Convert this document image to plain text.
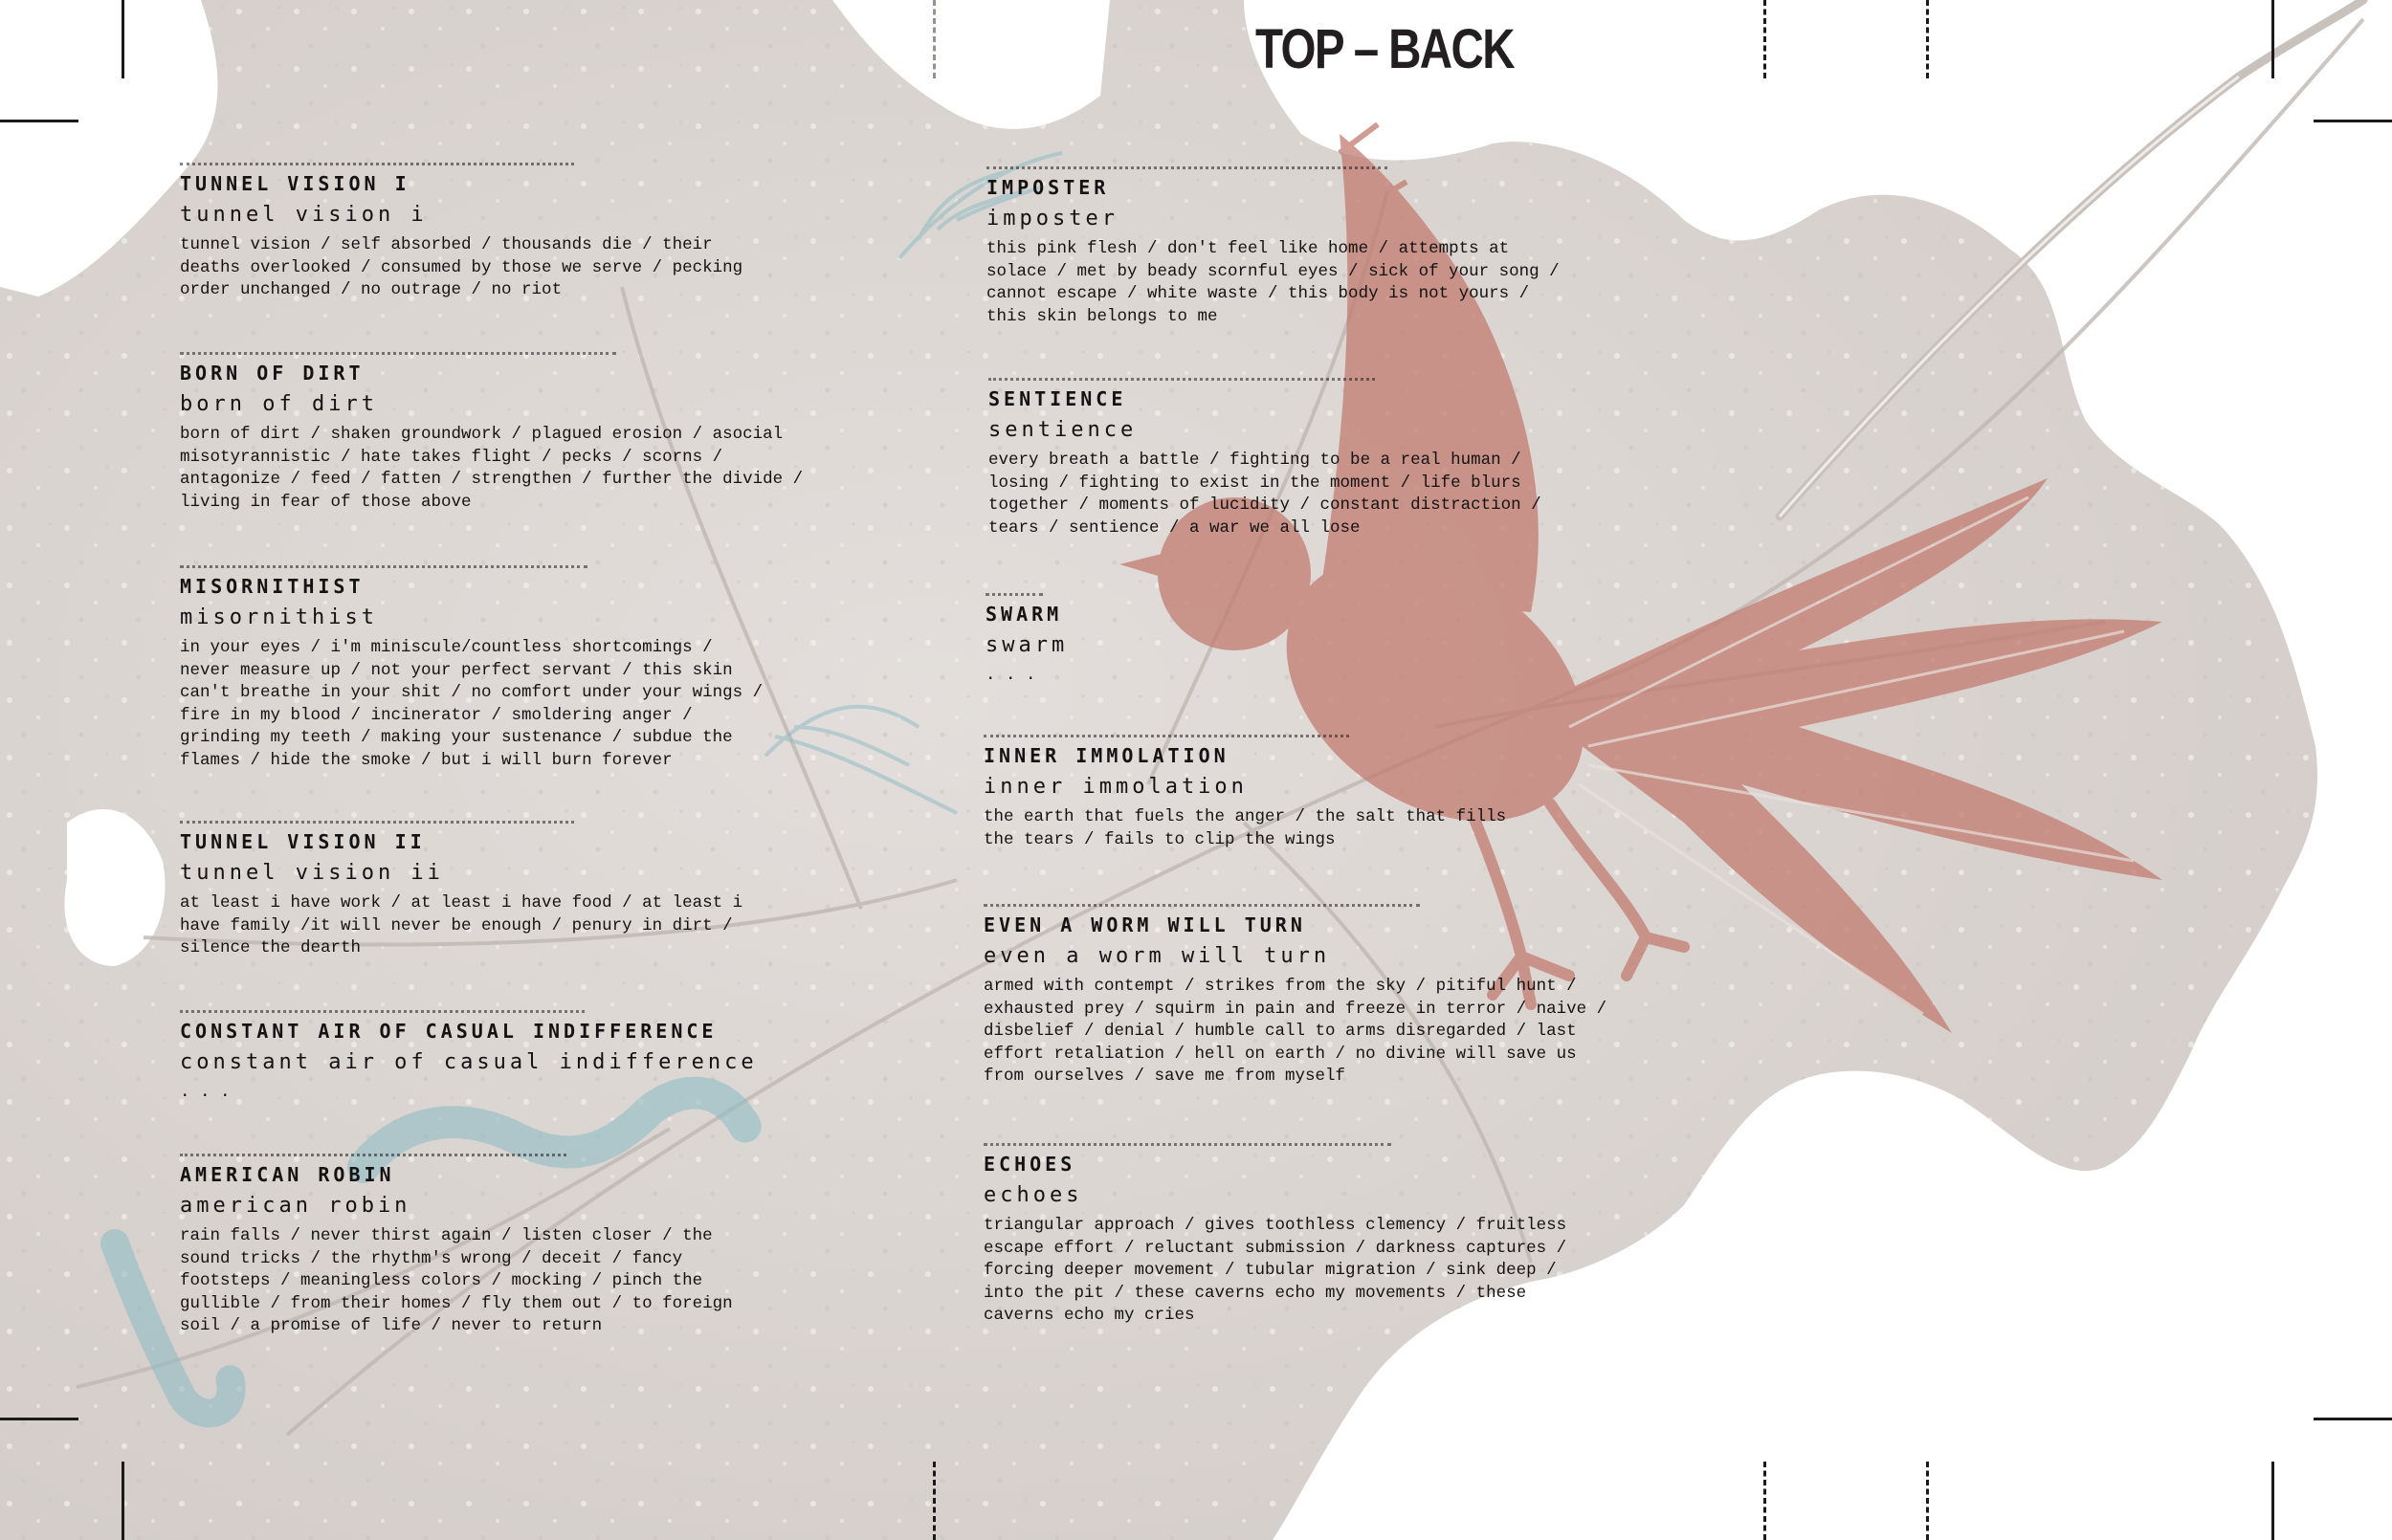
TOP – BACK
TUNNEL VISION I
tunnel vision i
tunnel vision / self absorbed / thousands die / their
deaths overlooked / consumed by those we serve / pecking
order unchanged / no outrage / no riot
BORN OF DIRT
born of dirt
born of dirt / shaken groundwork / plagued erosion / asocial
misotyrannistic / hate takes flight / pecks / scorns /
antagonize / feed / fatten / strengthen / further the divide /
living in fear of those above
MISORNITHIST
misornithist
in your eyes / i'm miniscule/countless shortcomings /
never measure up / not your perfect servant / this skin
can't breathe in your shit / no comfort under your wings /
fire in my blood / incinerator / smoldering anger /
grinding my teeth / making your sustenance / subdue the
flames / hide the smoke / but i will burn forever
TUNNEL VISION II
tunnel vision ii
at least i have work / at least i have food / at least i
have family /it will never be enough / penury in dirt /
silence the dearth
CONSTANT AIR OF CASUAL INDIFFERENCE
constant air of casual indifference
. . .
AMERICAN ROBIN
american robin
rain falls / never thirst again / listen closer / the
sound tricks / the rhythm's wrong / deceit / fancy
footsteps / meaningless colors / mocking / pinch the
gullible / from their homes / fly them out / to foreign
soil / a promise of life / never to return
IMPOSTER
imposter
this pink flesh / don't feel like home / attempts at
solace / met by beady scornful eyes / sick of your song /
cannot escape / white waste / this body is not yours /
this skin belongs to me
SENTIENCE
sentience
every breath a battle / fighting to be a real human /
losing / fighting to exist in the moment / life blurs
together / moments of lucidity / constant distraction /
tears / sentience / a war we all lose
SWARM
swarm
. . .
INNER IMMOLATION
inner immolation
the earth that fuels the anger / the salt that fills
the tears / fails to clip the wings
EVEN A WORM WILL TURN
even a worm will turn
armed with contempt / strikes from the sky / pitiful hunt /
exhausted prey / squirm in pain and freeze in terror / naive /
disbelief / denial / humble call to arms disregarded / last
effort retaliation / hell on earth / no divine will save us
from ourselves / save me from myself
ECHOES
echoes
triangular approach / gives toothless clemency / fruitless
escape effort / reluctant submission / darkness captures /
forcing deeper movement / tubular migration / sink deep /
into the pit / these caverns echo my movements / these
caverns echo my cries
